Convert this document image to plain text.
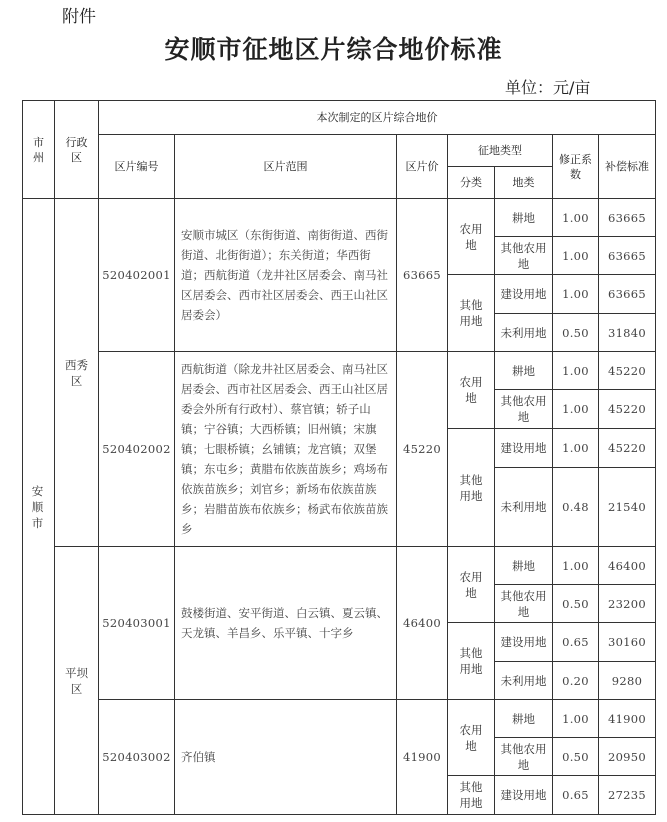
附件
安顺市征地区片综合地价标准
单位：元/亩
市州	行政区	本次制定的区片综合地价						
		区片编号	区片范围	区片价	征地类型		修正系数	补偿标准
					分类	地类		
安顺市	西秀区	520402001	安顺市城区（东街街道、南街街道、西街街道、北街街道）；东关街道；华西街道；西航街道（龙井社区居委会、南马社区居委会、西市社区居委会、西王山社区居委会）	63665	农用地	耕地	1.00	63665
						其他农用地	1.00	63665
					其他用地	建设用地	1.00	63665
						未利用地	0.50	31840
		520402002	西航街道（除龙井社区居委会、南马社区居委会、西市社区居委会、西王山社区居委会外所有行政村）、蔡官镇；轿子山镇；宁谷镇；大西桥镇；旧州镇；宋旗镇；七眼桥镇；幺铺镇；龙宫镇；双堡镇；东屯乡；黄腊布依族苗族乡；鸡场布依族苗族乡；刘官乡；新场布依族苗族乡；岩腊苗族布依族乡；杨武布依族苗族乡	45220	农用地	耕地	1.00	45220
						其他农用地	1.00	45220
					其他用地	建设用地	1.00	45220
						未利用地	0.48	21540
	平坝区	520403001	鼓楼街道、安平街道、白云镇、夏云镇、天龙镇、羊昌乡、乐平镇、十字乡	46400	农用地	耕地	1.00	46400
						其他农用地	0.50	23200
					其他用地	建设用地	0.65	30160
						未利用地	0.20	9280
		520403002	齐伯镇	41900	农用地	耕地	1.00	41900
						其他农用地	0.50	20950
					其他用地	建设用地	0.65	27235
